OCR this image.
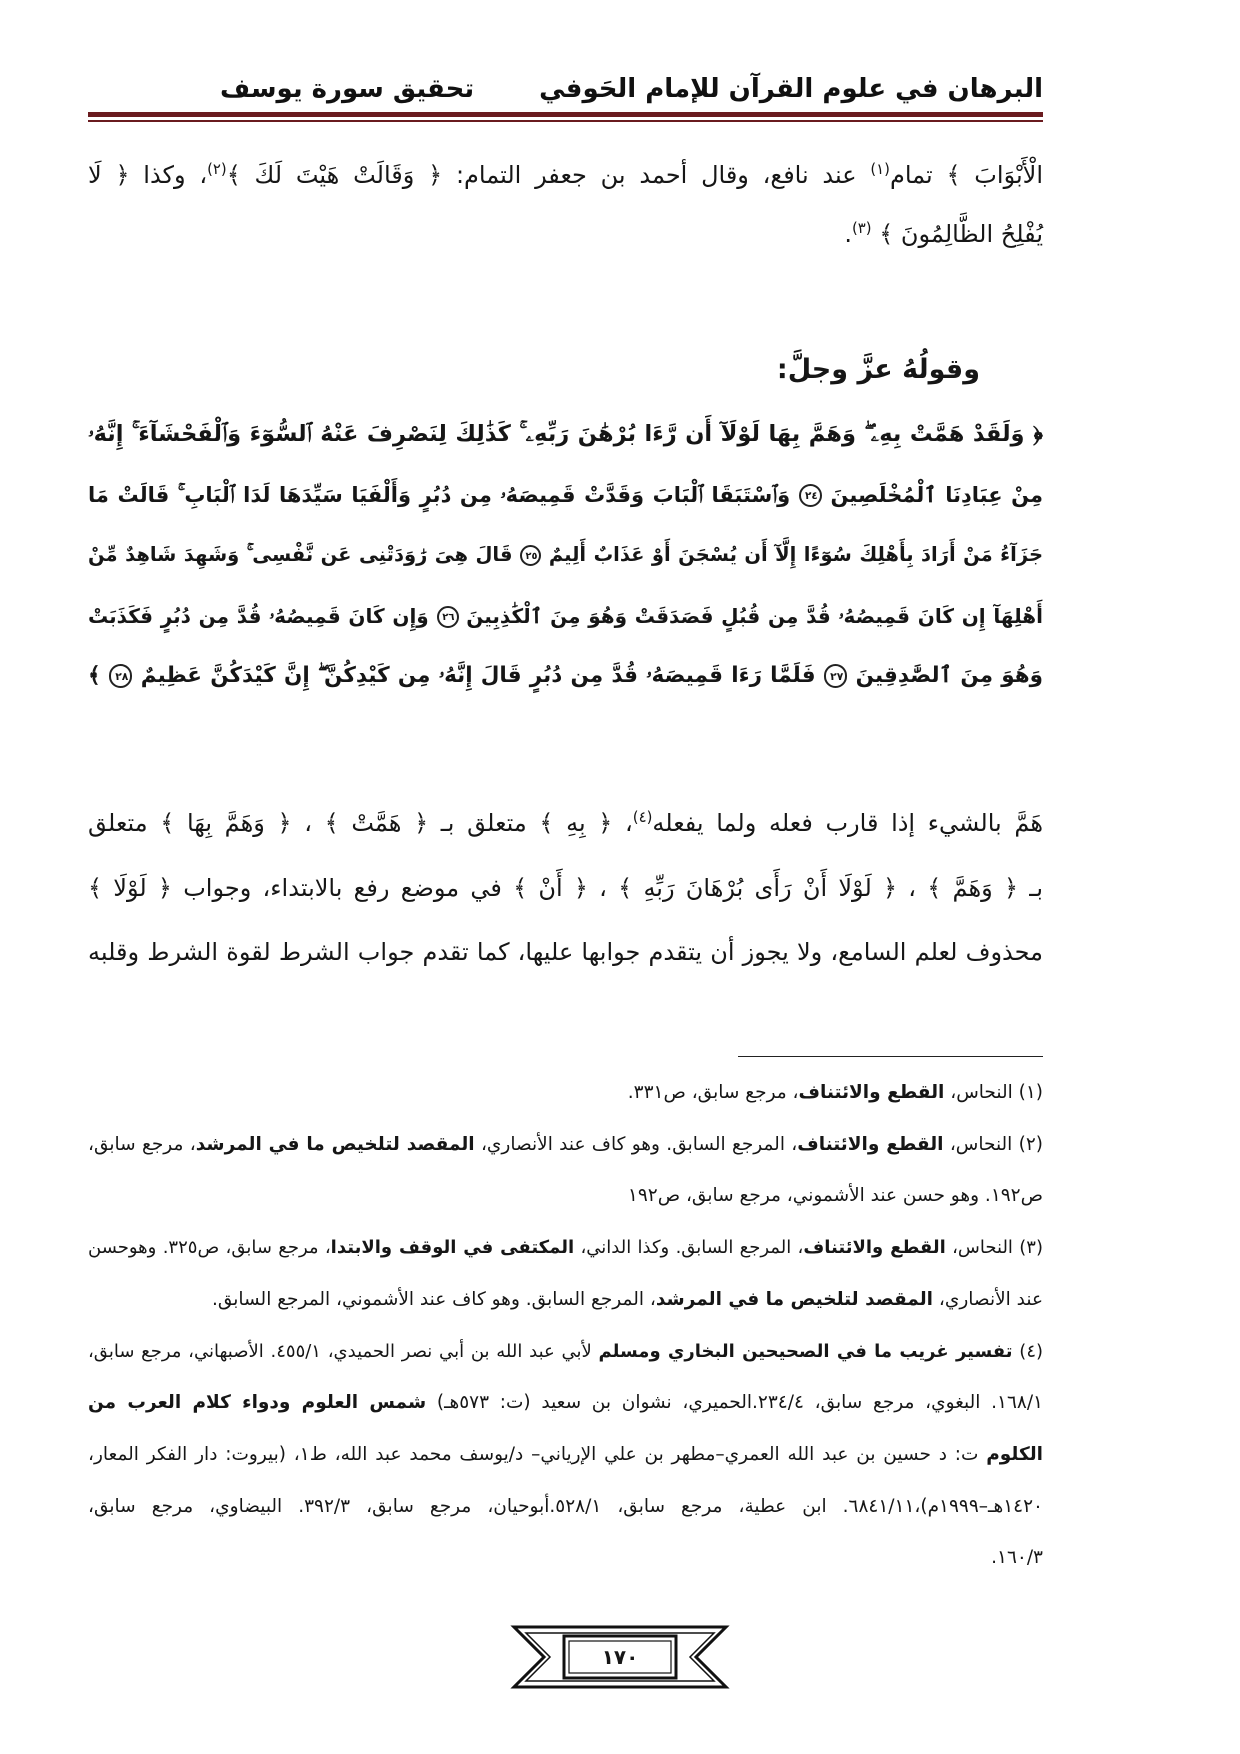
البرهان في علوم القرآن للإمام الحَوفي
تحقيق سورة يوسف
الْأَبْوَابَ ﴾ تمام$^{(١)}$ عند نافع، وقال أحمد بن جعفر التمام: ﴿ وَقَالَتْ هَيْتَ لَكَ ﴾$^{(٢)}$، وكذا ﴿ لَا
يُفْلِحُ الظَّالِمُونَ ﴾ $^{(٣)}$.
وقولُهُ عزَّ وجلَّ:
﴿ وَلَقَدْ هَمَّتْ بِهِۦ ۖ وَهَمَّ بِهَا لَوْلَآ أَن رَّءَا بُرْهَٰنَ رَبِّهِۦ ۚ كَذَٰلِكَ لِنَصْرِفَ عَنْهُ ٱلسُّوٓءَ وَٱلْفَحْشَآءَ ۚ إِنَّهُۥ
مِنْ عِبَادِنَا ٱلْمُخْلَصِينَ ٢٤ وَٱسْتَبَقَا ٱلْبَابَ وَقَدَّتْ قَمِيصَهُۥ مِن دُبُرٍ وَأَلْفَيَا سَيِّدَهَا لَدَا ٱلْبَابِ ۚ قَالَتْ مَا
جَزَآءُ مَنْ أَرَادَ بِأَهْلِكَ سُوٓءًا إِلَّآ أَن يُسْجَنَ أَوْ عَذَابٌ أَلِيمٌ ٢٥ قَالَ هِىَ رَٰوَدَتْنِى عَن نَّفْسِى ۚ وَشَهِدَ شَاهِدٌ مِّنْ
أَهْلِهَآ إِن كَانَ قَمِيصُهُۥ قُدَّ مِن قُبُلٍ فَصَدَقَتْ وَهُوَ مِنَ ٱلْكَٰذِبِينَ ٢٦ وَإِن كَانَ قَمِيصُهُۥ قُدَّ مِن دُبُرٍ فَكَذَبَتْ
وَهُوَ مِنَ ٱلصَّٰدِقِينَ ٢٧ فَلَمَّا رَءَا قَمِيصَهُۥ قُدَّ مِن دُبُرٍ قَالَ إِنَّهُۥ مِن كَيْدِكُنَّ ۖ إِنَّ كَيْدَكُنَّ عَظِيمٌ ٢٨ ﴾
هَمَّ بالشيء إذا قارب فعله ولما يفعله$^{(٤)}$، ﴿ بِهِ ﴾ متعلق بـ ﴿ هَمَّتْ ﴾ ، ﴿ وَهَمَّ بِهَا ﴾ متعلق
بـ ﴿ وَهَمَّ ﴾ ، ﴿ لَوْلَا أَنْ رَأَى بُرْهَانَ رَبِّهِ ﴾ ، ﴿ أَنْ ﴾ في موضع رفع بالابتداء، وجواب ﴿ لَوْلَا ﴾
محذوف لعلم السامع، ولا يجوز أن يتقدم جوابها عليها، كما تقدم جواب الشرط لقوة الشرط وقلبه
(١) النحاس، القطع والائتناف، مرجع سابق، ص٣٣١.
(٢) النحاس، القطع والائتناف، المرجع السابق. وهو كاف عند الأنصاري، المقصد لتلخيص ما في المرشد، مرجع سابق،
ص١٩٢. وهو حسن عند الأشموني، مرجع سابق، ص١٩٢
(٣) النحاس، القطع والائتناف، المرجع السابق. وكذا الداني، المكتفى في الوقف والابتدا، مرجع سابق، ص٣٢٥. وهوحسن
عند الأنصاري، المقصد لتلخيص ما في المرشد، المرجع السابق. وهو كاف عند الأشموني، المرجع السابق.
(٤) تفسير غريب ما في الصحيحين البخاري ومسلم لأبي عبد الله بن أبي نصر الحميدي، ٤٥٥/١. الأصبهاني، مرجع سابق،
١٦٨/١. البغوي، مرجع سابق، ٢٣٤/٤.الحميري، نشوان بن سعيد (ت: ٥٧٣هـ) شمس العلوم ودواء كلام العرب من
الكلوم ت: د حسين بن عبد الله العمري–مطهر بن علي الإرياني– د/يوسف محمد عبد الله، ط١، (بيروت: دار الفكر المعار،
١٤٢٠هـ–١٩٩٩م)،٦٨٤١/١١. ابن عطية، مرجع سابق، ٥٢٨/١.أبوحيان، مرجع سابق، ٣٩٢/٣. البيضاوي، مرجع سابق،
١٦٠/٣.
١٧٠
